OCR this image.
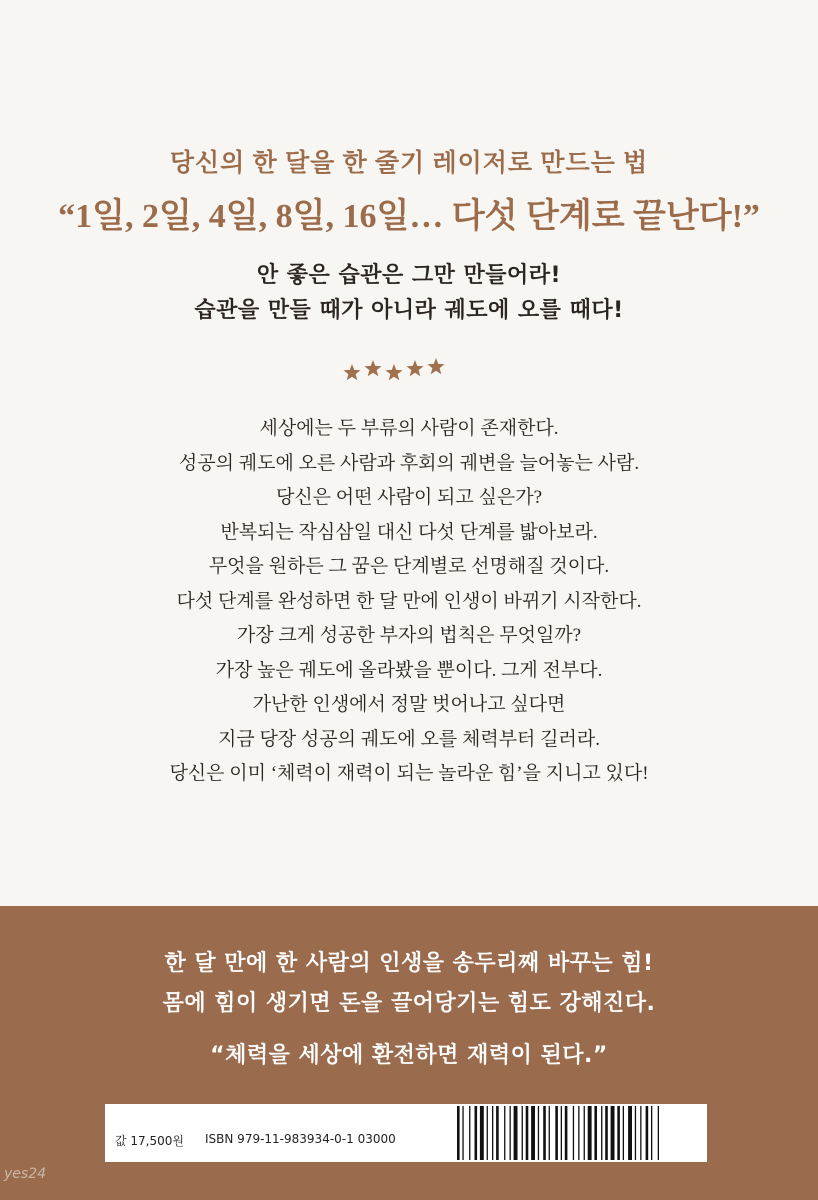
당신의 한 달을 한 줄기 레이저로 만드는 법
“1일, 2일, 4일, 8일, 16일… 다섯 단계로 끝난다!”
안 좋은 습관은 그만 만들어라!
습관을 만들 때가 아니라 궤도에 오를 때다!
세상에는 두 부류의 사람이 존재한다.
성공의 궤도에 오른 사람과 후회의 궤변을 늘어놓는 사람.
당신은 어떤 사람이 되고 싶은가?
반복되는 작심삼일 대신 다섯 단계를 밟아보라.
무엇을 원하든 그 꿈은 단계별로 선명해질 것이다.
다섯 단계를 완성하면 한 달 만에 인생이 바뀌기 시작한다.
가장 크게 성공한 부자의 법칙은 무엇일까?
가장 높은 궤도에 올라봤을 뿐이다. 그게 전부다.
가난한 인생에서 정말 벗어나고 싶다면
지금 당장 성공의 궤도에 오를 체력부터 길러라.
당신은 이미 ‘체력이 재력이 되는 놀라운 힘’을 지니고 있다!
한 달 만에 한 사람의 인생을 송두리째 바꾸는 힘!
몸에 힘이 생기면 돈을 끌어당기는 힘도 강해진다.
“체력을 세상에 환전하면 재력이 된다.”
값 17,500원 ISBN 979-11-983934-0-1 03000
yes24
